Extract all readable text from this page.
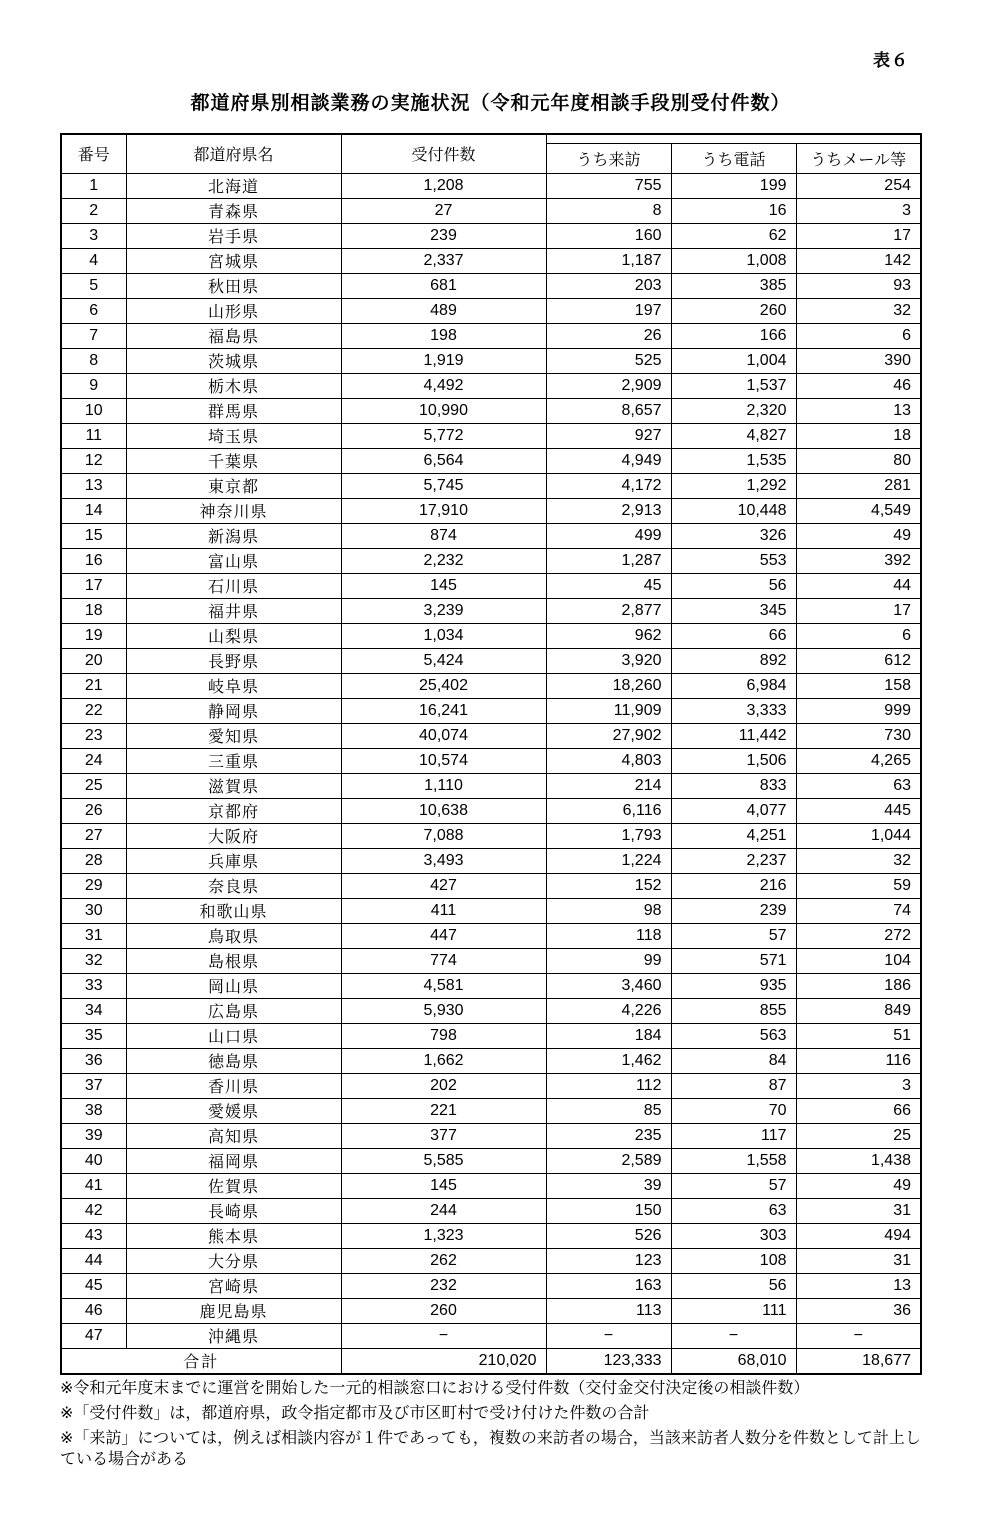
表６
都道府県別相談業務の実施状況（令和元年度相談手段別受付件数）
番号	都道府県名	受付件数			
			うち来訪	うち電話	うちメール等
1	北海道	1,208	755	199	254
2	青森県	27	8	16	3
3	岩手県	239	160	62	17
4	宮城県	2,337	1,187	1,008	142
5	秋田県	681	203	385	93
6	山形県	489	197	260	32
7	福島県	198	26	166	6
8	茨城県	1,919	525	1,004	390
9	栃木県	4,492	2,909	1,537	46
10	群馬県	10,990	8,657	2,320	13
11	埼玉県	5,772	927	4,827	18
12	千葉県	6,564	4,949	1,535	80
13	東京都	5,745	4,172	1,292	281
14	神奈川県	17,910	2,913	10,448	4,549
15	新潟県	874	499	326	49
16	富山県	2,232	1,287	553	392
17	石川県	145	45	56	44
18	福井県	3,239	2,877	345	17
19	山梨県	1,034	962	66	6
20	長野県	5,424	3,920	892	612
21	岐阜県	25,402	18,260	6,984	158
22	静岡県	16,241	11,909	3,333	999
23	愛知県	40,074	27,902	11,442	730
24	三重県	10,574	4,803	1,506	4,265
25	滋賀県	1,110	214	833	63
26	京都府	10,638	6,116	4,077	445
27	大阪府	7,088	1,793	4,251	1,044
28	兵庫県	3,493	1,224	2,237	32
29	奈良県	427	152	216	59
30	和歌山県	411	98	239	74
31	鳥取県	447	118	57	272
32	島根県	774	99	571	104
33	岡山県	4,581	3,460	935	186
34	広島県	5,930	4,226	855	849
35	山口県	798	184	563	51
36	徳島県	1,662	1,462	84	116
37	香川県	202	112	87	3
38	愛媛県	221	85	70	66
39	高知県	377	235	117	25
40	福岡県	5,585	2,589	1,558	1,438
41	佐賀県	145	39	57	49
42	長崎県	244	150	63	31
43	熊本県	1,323	526	303	494
44	大分県	262	123	108	31
45	宮崎県	232	163	56	13
46	鹿児島県	260	113	111	36
47	沖縄県	−	−	−	−
合計		210,020	123,333	68,010	18,677

※令和元年度末までに運営を開始した一元的相談窓口における受付件数（交付金交付決定後の相談件数）

※「受付件数」は，都道府県，政令指定都市及び市区町村で受け付けた件数の合計

※「来訪」については，例えば相談内容が１件であっても，複数の来訪者の場合，当該来訪者人数分を件数として計上している場合がある
